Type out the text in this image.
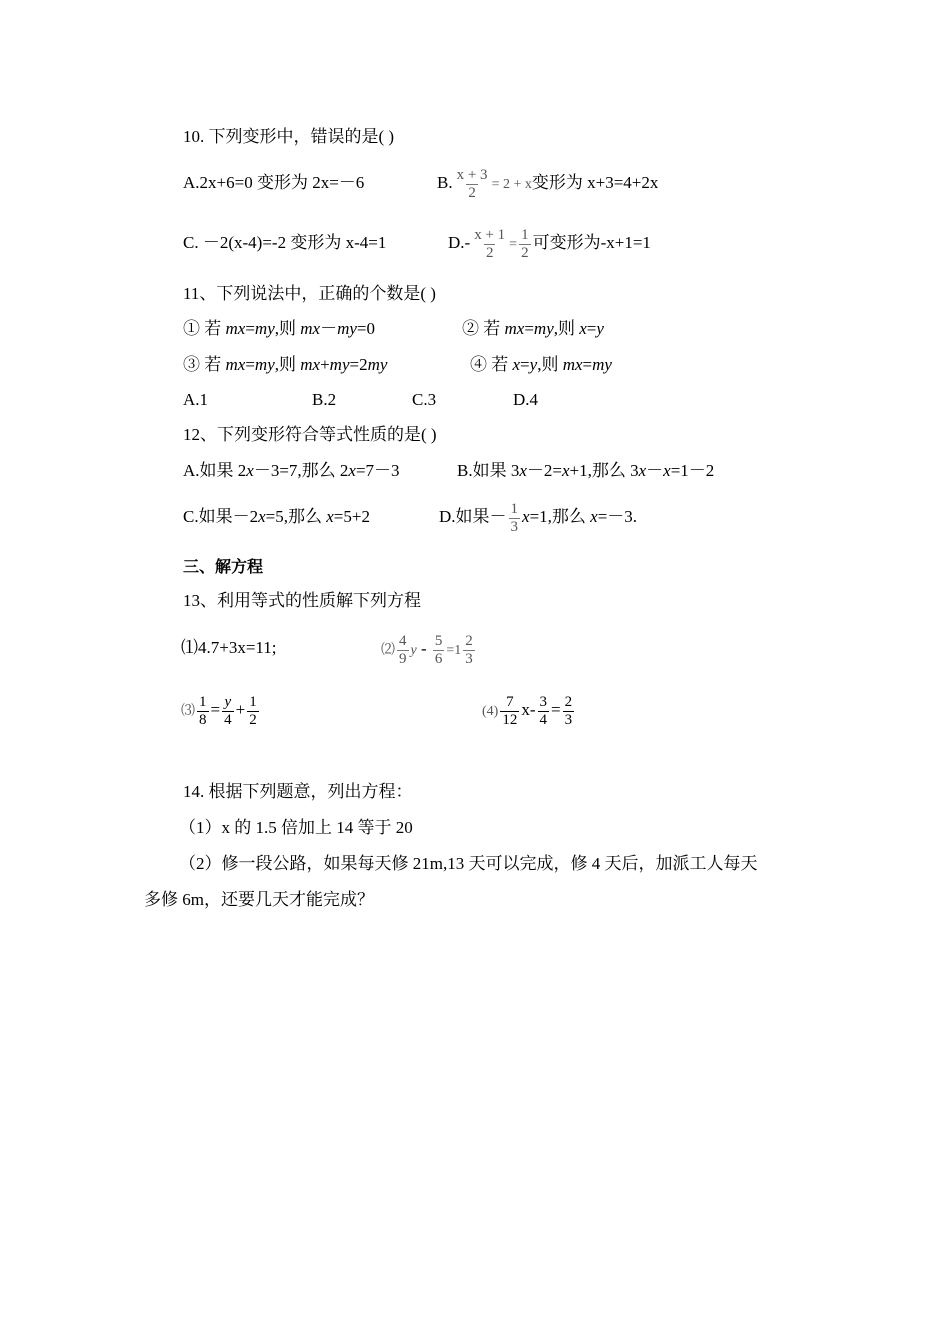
10. 下列变形中，错误的是( )
A.2x+6=0 变形为 2x=－6	B. $\frac{x + 3}{2} = 2 + x$变形为 x+3=4+2x
C. －2(x-4)=-2 变形为 x-4=1	$D.- \frac{x + 1}{2} = \frac{1}{2}$ 可变形为-x+1=1
11、下列说法中，正确的个数是( )
① 若 mx=my,则 mx－my=0	② 若 mx=my,则 x=y
③ 若 mx=my,则 mx+my=2my	④ 若 x=y,则 mx=my
A.1	B.2	C.3	D.4
12、下列变形符合等式性质的是( )
A.如果 2x－3=7,那么 2x=7－3	B.如果 3x－2=x+1,那么 3x－x=1－2
C.如果－2x=5,那么 x=5+2	D.如果－ $\frac{1}{3} x=1$,那么 x=－3.
三、解方程
13、利用等式的性质解下列方程
⑴4.7+3x=11;	⑵ $\frac{4}{9}$ $y - \frac{5}{6} =1 \frac{2}{3}$
⑶ $\frac{1}{8} = \frac{y}{4} + \frac{1}{2}$	$(4) \frac{7}{12} x- \frac{3}{4} = \frac{2}{3}$
14. 根据下列题意，列出方程：
（1）x 的 1.5 倍加上 14 等于 20
（2）修一段公路，如果每天修 21m,13 天可以完成，修 4 天后，加派工人每天
多修 6m，还要几天才能完成？
